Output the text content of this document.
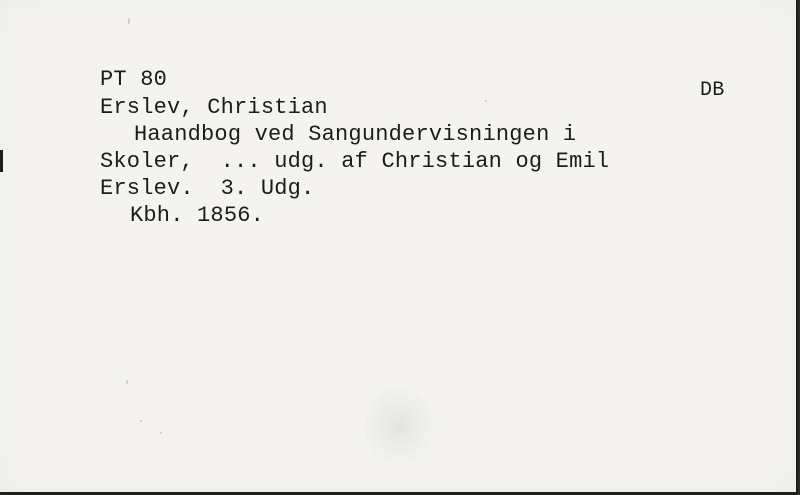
PT 80	DB
Erslev, Christian
Haandbog ved Sangundervisningen i
Skoler,  ... udg. af Christian og Emil
Erslev.  3. Udg.
Kbh. 1856.
